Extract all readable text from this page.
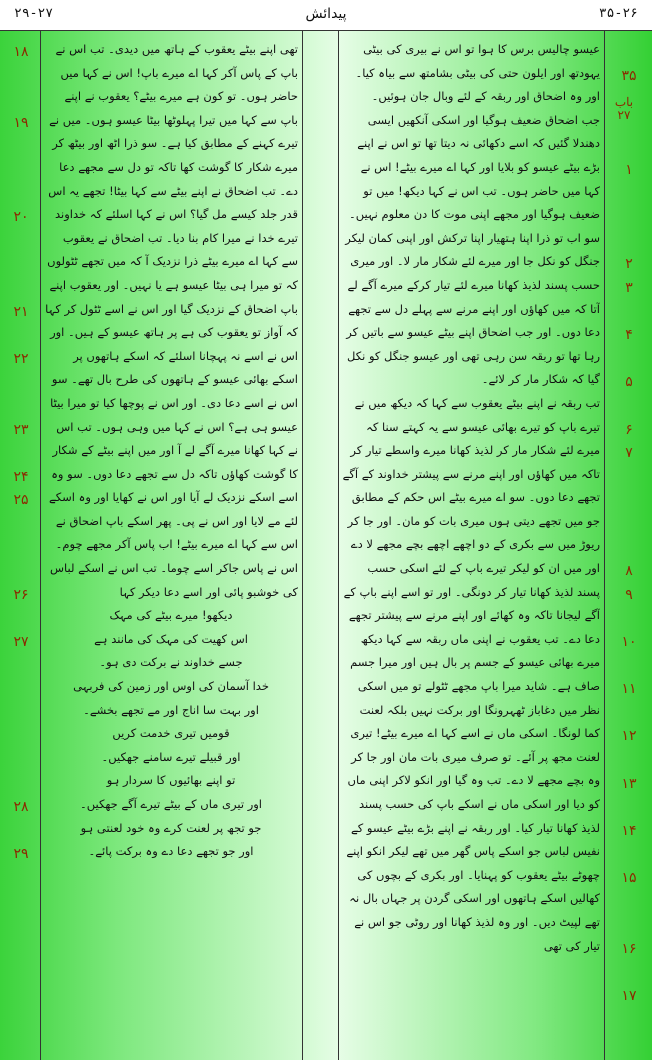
۲۹-۲۷	پیدائش	۳۵-۲۶

عیسو چالیس برس کا ہوا تو اس نے بیری کی بیٹی یہودتھ اور ایلون حتی کی بیٹی بشامتھ سے بیاہ کیا۔ اور وہ اضحاق اور ربقہ کے لئے وبال جان ہوئیں۔

جب اضحاق ضعیف ہوگیا اور اسکی آنکھیں ایسی دھندلا گئیں کہ اسے دکھائی نہ دیتا تھا تو اس نے اپنے بڑے بیٹے عیسو کو بلایا اور کہا اے میرے بیٹے! اس نے کہا میں حاضر ہوں۔ تب اس نے کہا دیکھ! میں تو ضعیف ہوگیا اور مجھے اپنی موت کا دن معلوم نہیں۔ سو اب تو ذرا اپنا ہتھیار اپنا ترکش اور اپنی کمان لیکر جنگل کو نکل جا اور میرے لئے شکار مار لا۔ اور میری حسب پسند لذیذ کھانا میرے لئے تیار کرکے میرے آگے لے آتا کہ میں کھاؤں اور اپنے مرنے سے پہلے دل سے تجھے دعا دوں۔ اور جب اضحاق اپنے بیٹے عیسو سے باتیں کر رہا تھا تو ربقہ سن رہی تھی اور عیسو جنگل کو نکل گیا کہ شکار مار کر لائے۔

تب ربقہ نے اپنے بیٹے یعقوب سے کہا کہ دیکھ میں نے تیرے باپ کو تیرے بھائی عیسو سے یہ کہتے سنا کہ میرے لئے شکار مار کر لذیذ کھانا میرے واسطے تیار کر تاکہ میں کھاؤں اور اپنے مرنے سے پیشتر خداوند کے آگے تجھے دعا دوں۔ سو اے میرے بیٹے اس حکم کے مطابق جو میں تجھے دیتی ہوں میری بات کو مان۔ اور جا کر ریوڑ میں سے بکری کے دو اچھے اچھے بچے مجھے لا دے اور میں ان کو لیکر تیرے باپ کے لئے اسکی حسب پسند لذیذ کھانا تیار کر دونگی۔ اور تو اسے اپنے باپ کے آگے لیجانا تاکہ وہ کھائے اور اپنے مرنے سے پیشتر تجھے دعا دے۔ تب یعقوب نے اپنی ماں ربقہ سے کہا دیکھ میرے بھائی عیسو کے جسم پر بال ہیں اور میرا جسم صاف ہے۔ شاید میرا باپ مجھے ٹٹولے تو میں اسکی نظر میں دغاباز ٹھہرونگا اور برکت نہیں بلکہ لعنت کما لونگا۔ اسکی ماں نے اسے کہا اے میرے بیٹے! تیری لعنت مجھ پر آئے۔ تو صرف میری بات مان اور جا کر وہ بچے مجھے لا دے۔ تب وہ گیا اور انکو لاکر اپنی ماں کو دیا اور اسکی ماں نے اسکے باپ کی حسب پسند لذیذ کھانا تیار کیا۔ اور ربقہ نے اپنے بڑے بیٹے عیسو کے نفیس لباس جو اسکے پاس گھر میں تھے لیکر انکو اپنے چھوٹے بیٹے یعقوب کو پہنایا۔ اور بکری کے بچوں کی کھالیں اسکے ہاتھوں اور اسکی گردن پر جہاں بال نہ تھے لپیٹ دیں۔ اور وہ لذیذ کھانا اور روٹی جو اس نے تیار کی تھی

تھی اپنے بیٹے یعقوب کے ہاتھ میں دیدی۔ تب اس نے باپ کے پاس آکر کہا اے میرے باپ! اس نے کہا میں حاضر ہوں۔ تو کون ہے میرے بیٹے؟ یعقوب نے اپنے باپ سے کہا میں تیرا پہلوٹھا بیٹا عیسو ہوں۔ میں نے تیرے کہنے کے مطابق کیا ہے۔ سو ذرا اٹھ اور بیٹھ کر میرے شکار کا گوشت کھا تاکہ تو دل سے مجھے دعا دے۔ تب اضحاق نے اپنے بیٹے سے کہا بیٹا! تجھے یہ اس قدر جلد کیسے مل گیا؟ اس نے کہا اسلئے کہ خداوند تیرے خدا نے میرا کام بنا دیا۔ تب اضحاق نے یعقوب سے کہا اے میرے بیٹے ذرا نزدیک آ کہ میں تجھے ٹٹولوں کہ تو میرا ہی بیٹا عیسو ہے یا نہیں۔ اور یعقوب اپنے باپ اضحاق کے نزدیک گیا اور اس نے اسے ٹٹول کر کہا کہ آواز تو یعقوب کی ہے پر ہاتھ عیسو کے ہیں۔ اور اس نے اسے نہ پہچانا اسلئے کہ اسکے ہاتھوں پر اسکے بھائی عیسو کے ہاتھوں کی طرح بال تھے۔ سو اس نے اسے دعا دی۔ اور اس نے پوچھا کیا تو میرا بیٹا عیسو ہی ہے؟ اس نے کہا میں وہی ہوں۔ تب اس نے کہا کھانا میرے آگے لے آ اور میں اپنے بیٹے کے شکار کا گوشت کھاؤں تاکہ دل سے تجھے دعا دوں۔ سو وہ اسے اسکے نزدیک لے آیا اور اس نے کھایا اور وہ اسکے لئے مے لایا اور اس نے پی۔ پھر اسکے باپ اضحاق نے اس سے کہا اے میرے بیٹے! اب پاس آکر مجھے چوم۔ اس نے پاس جاکر اسے چوما۔ تب اس نے اسکے لباس کی خوشبو پائی اور اسے دعا دیکر کہا

دیکھو! میرے بیٹے کی مہک

اس کھیت کی مہک کی مانند ہے

جسے خداوند نے برکت دی ہو۔

خدا آسمان کی اوس اور زمین کی فربہی

اور بہت سا اناج اور مے تجھے بخشے۔

قومیں تیری خدمت کریں

اور قبیلے تیرے سامنے جھکیں۔

تو اپنے بھائیوں کا سردار ہو

اور تیری ماں کے بیٹے تیرے آگے جھکیں۔

جو تجھ پر لعنت کرے وہ خود لعنتی ہو

اور جو تجھے دعا دے وہ برکت پائے۔

باب ۲۷
۱۸
۱۹
۲۰
۲۱
۲۲
۲۳
۲۴
۲۵
۲۶
۲۷
۲۸
۲۹
۳۵
۱
۲
۳
۴
۵
۶
۷
۸
۹
۱۰
۱۱
۱۲
۱۳
۱۴
۱۵
۱۶
۱۷
